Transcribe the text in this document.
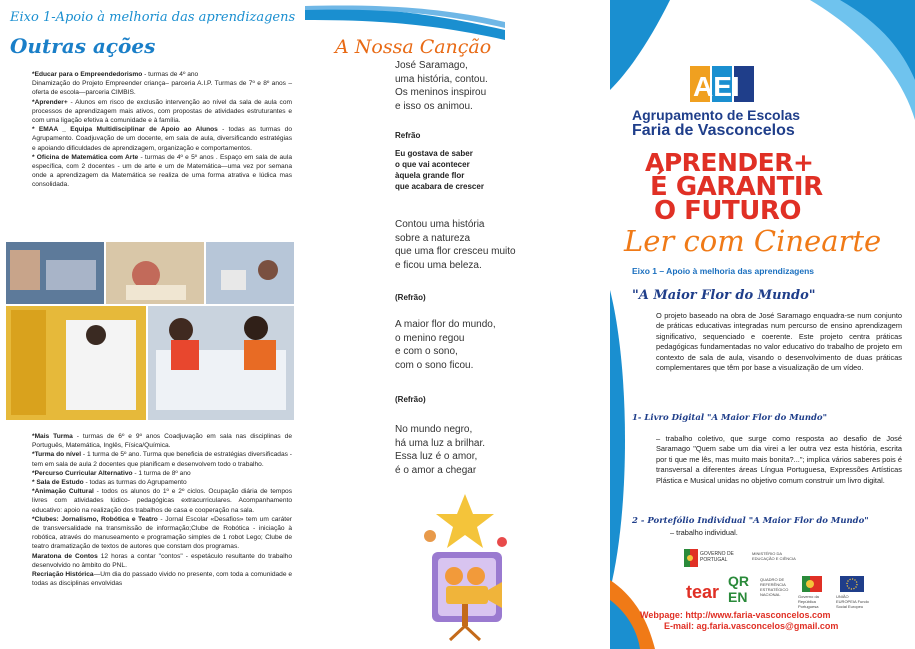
Eixo 1-Apoio à melhoria das aprendizagens
Outras ações

*Educar para o Empreendedorismo - turmas de 4º ano

Dinamização do Projeto Empreender criança– parceria A.I.P. Turmas de 7º e 8º anos –oferta de escola—parceria CIMBIS.

*Aprender+ - Alunos em risco de exclusão intervenção ao nível da sala de aula com processos de aprendizagem mais ativos, com propostas de atividades estruturantes e com uma ligação efetiva à comunidade e à família.

* EMAA _ Equipa Multidisciplinar de Apoio ao Alunos - todas as turmas do Agrupamento. Coadjuvação de um docente, em sala de aula, diversificando estratégias e apoiando dificuldades de aprendizagem, organização e comportamentos.

* Oficina de Matemática com Arte - turmas de 4º e 5º anos . Espaço em sala de aula específica, com 2 docentes - um de arte e um de Matemática—uma vez por semana onde a aprendizagem da Matemática se realiza de uma forma atrativa e lúdica mas consolidada.

*Mais Turma - turmas de 6º e 9º anos Coadjuvação em sala nas disciplinas de Português, Matemática, Inglês, Física/Química.

*Turma do nível - 1 turma de 5º ano. Turma que beneficia de estratégias diversificadas - tem em sala de aula 2 docentes que planificam e desenvolvem todo o trabalho.

*Percurso Curricular Alternativo - 1 turma de 8º ano

* Sala de Estudo - todas as turmas do Agrupamento

*Animação Cultural - todos os alunos do 1º e 2º ciclos. Ocupação diária de tempos livres com atividades lúdico- pedagógicas extracurriculares. Acompanhamento educativo: apoio na realização dos trabalhos de casa e cooperação na sala.

*Clubes: Jornalismo, Robótica e Teatro - Jornal Escolar «Desafios» tem um caráter de transversalidade na transmissão de informação;Clube de Robótica - iniciação à robótica, através do manuseamento e programação simples de 1 robot Lego; Clube de teatro dramatização de textos de autores que constam dos programas.

Maratona de Contos 12 horas a contar "contos" - espetáculo resultante do trabalho desenvolvido no âmbito do PNL.

Recriação Histórica—Um dia do passado vivido no presente, com toda a comunidade e todas as disciplinas envolvidas

A Nossa Canção
José Saramago,
uma história, contou.
Os meninos inspirou
e isso os animou.
Refrão
Eu gostava de saber
o que vai acontecer
àquela grande flor
que acabara de crescer
Contou uma história
sobre a natureza
que uma flor cresceu muito
e ficou uma beleza.
(Refrão)
A maior flor do mundo,
o menino regou
e com o sono,
com o sono ficou.
(Refrão)
No mundo negro,
há uma luz a brilhar.
Essa luz é o amor,
é o amor a chegar
AEI
Agrupamento de Escolas
Faria de Vasconcelos
APRENDER+
É GARANTIR
O FUTURO
Ler com Cinearte
Eixo 1 – Apoio à melhoria das aprendizagens
"A Maior Flor do Mundo"
O projeto baseado na obra de José Saramago enquadra-se num conjunto de práticas educativas integradas num percurso de ensino aprendizagem significativo, sequenciado e coerente. Este projeto centra práticas pedagógicas fundamentadas no valor educativo do trabalho de projeto em contexto de sala de aula, visando o desenvolvimento de duas práticas complementares que têm por base a visualização de um vídeo.
1- Livro Digital "A Maior Flor do Mundo"
– trabalho coletivo, que surge como resposta ao desafio de José Saramago "Quem sabe um dia virei a ler outra vez esta história, escrita por ti que me lês, mas muito mais bonita?..."; implica vários saberes pois é transversal a diferentes áreas Língua Portuguesa, Expressões Artísticas Plástica e Musical unidas no objetivo comum construir um livro digital.
2 - Portefólio Individual "A Maior Flor do Mundo"
– trabalho individual.
GOVERNO DE PORTUGAL
MINISTÉRIO DA EDUCAÇÃO E CIÊNCIA
tear
QR
EN
QUADRO DE REFERÊNCIA ESTRATÉGICO NACIONAL	Governo da República Portuguesa
UNIÃO EUROPEIA Fundo Social Europeu
Webpage: http://www.faria-vasconcelos.com
E-mail: ag.faria.vasconcelos@gmail.com
